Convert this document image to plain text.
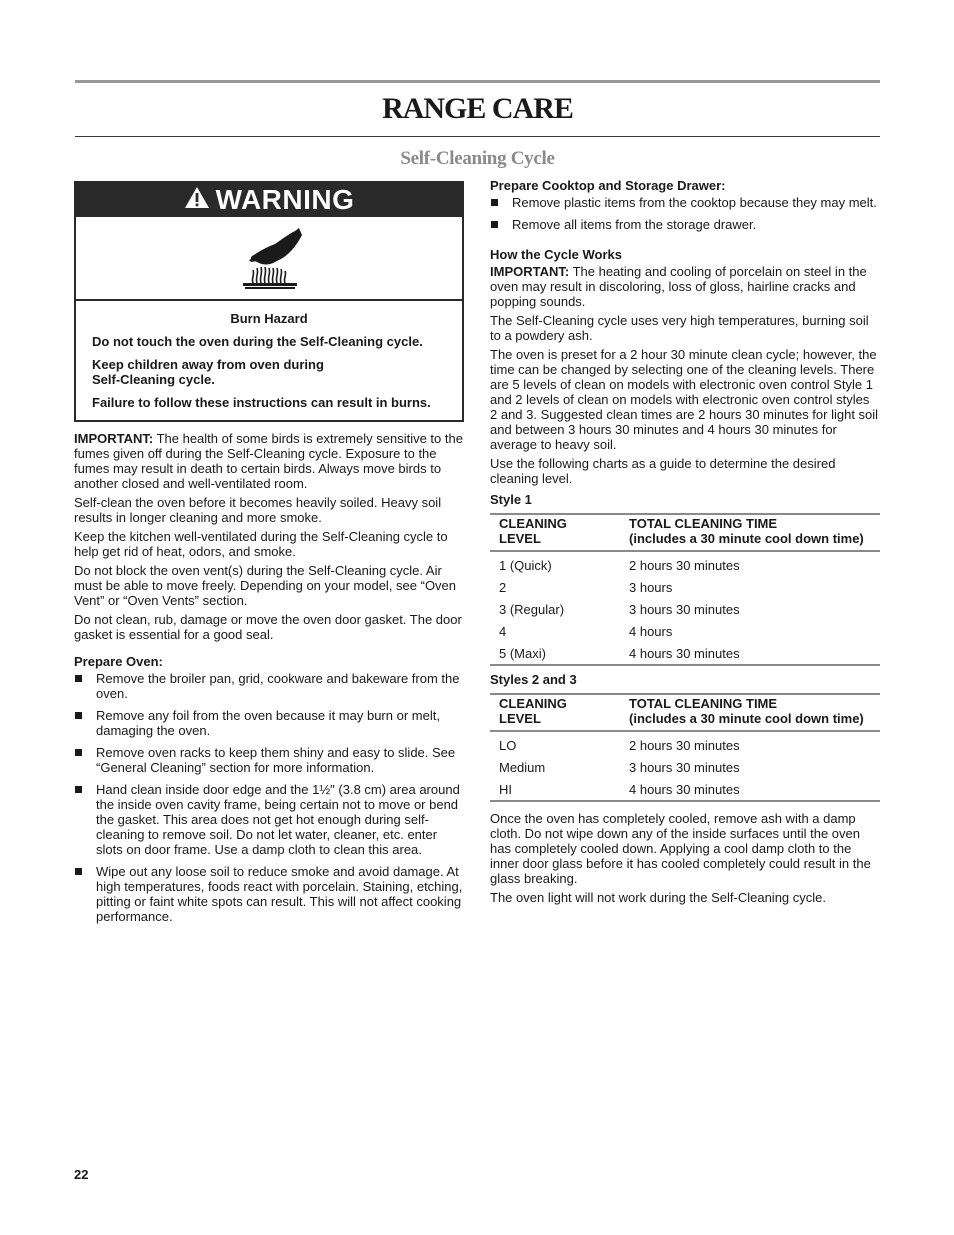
RANGE CARE
Self-Cleaning Cycle
WARNING

Burn Hazard

Do not touch the oven during the Self-Cleaning cycle.

Keep children away from oven during Self-Cleaning cycle.

Failure to follow these instructions can result in burns.

IMPORTANT: The health of some birds is extremely sensitive to the fumes given off during the Self-Cleaning cycle. Exposure to the fumes may result in death to certain birds. Always move birds to another closed and well-ventilated room.

Self-clean the oven before it becomes heavily soiled. Heavy soil results in longer cleaning and more smoke.

Keep the kitchen well-ventilated during the Self-Cleaning cycle to help get rid of heat, odors, and smoke.

Do not block the oven vent(s) during the Self-Cleaning cycle. Air must be able to move freely. Depending on your model, see “Oven Vent” or “Oven Vents” section.

Do not clean, rub, damage or move the oven door gasket. The door gasket is essential for a good seal.

Prepare Oven:
Remove the broiler pan, grid, cookware and bakeware from the oven.
Remove any foil from the oven because it may burn or melt, damaging the oven.
Remove oven racks to keep them shiny and easy to slide. See “General Cleaning” section for more information.
Hand clean inside door edge and the 1½" (3.8 cm) area around the inside oven cavity frame, being certain not to move or bend the gasket. This area does not get hot enough during self-cleaning to remove soil. Do not let water, cleaner, etc. enter slots on door frame. Use a damp cloth to clean this area.
Wipe out any loose soil to reduce smoke and avoid damage. At high temperatures, foods react with porcelain. Staining, etching, pitting or faint white spots can result. This will not affect cooking performance.
Prepare Cooktop and Storage Drawer:
Remove plastic items from the cooktop because they may melt.
Remove all items from the storage drawer.
How the Cycle Works

IMPORTANT: The heating and cooling of porcelain on steel in the oven may result in discoloring, loss of gloss, hairline cracks and popping sounds.

The Self-Cleaning cycle uses very high temperatures, burning soil to a powdery ash.

The oven is preset for a 2 hour 30 minute clean cycle; however, the time can be changed by selecting one of the cleaning levels. There are 5 levels of clean on models with electronic oven control Style 1 and 2 levels of clean on models with electronic oven control styles 2 and 3. Suggested clean times are 2 hours 30 minutes for light soil and between 3 hours 30 minutes and 4 hours 30 minutes for average to heavy soil.

Use the following charts as a guide to determine the desired cleaning level.

Style 1
CLEANING
LEVEL	TOTAL CLEANING TIME
(includes a 30 minute cool down time)
1 (Quick)	2 hours 30 minutes
2	3 hours
3 (Regular)	3 hours 30 minutes
4	4 hours
5 (Maxi)	4 hours 30 minutes
Styles 2 and 3
CLEANING
LEVEL	TOTAL CLEANING TIME
(includes a 30 minute cool down time)
LO	2 hours 30 minutes
Medium	3 hours 30 minutes
HI	4 hours 30 minutes

Once the oven has completely cooled, remove ash with a damp cloth. Do not wipe down any of the inside surfaces until the oven has completely cooled down. Applying a cool damp cloth to the inner door glass before it has cooled completely could result in the glass breaking.

The oven light will not work during the Self-Cleaning cycle.

22
